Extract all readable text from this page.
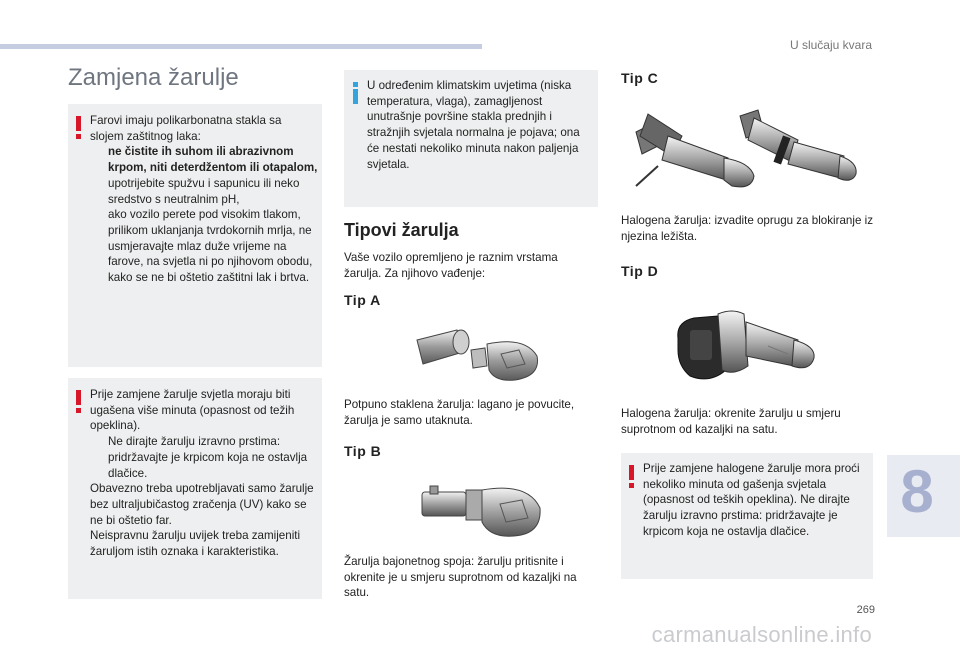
U slučaju kvara
Zamjena žarulje

Farovi imaju polikarbonatna stakla sa slojem zaštitnog laka:

ne čistite ih suhom ili abrazivnom krpom, niti deterdžentom ili otapalom,
upotrijebite spužvu i sapunicu ili neko sredstvo s neutralnim pH,
ako vozilo perete pod visokim tlakom, prilikom uklanjanja tvrdokornih mrlja, ne usmjeravajte mlaz duže vrijeme na farove, na svjetla ni po njihovom obodu, kako se ne bi oštetio zaštitni lak i brtva.

Prije zamjene žarulje svjetla moraju biti ugašena više minuta (opasnost od težih opeklina).

Ne dirajte žarulju izravno prstima: pridržavajte je krpicom koja ne ostavlja dlačice.

Obavezno treba upotrebljavati samo žarulje bez ultraljubičastog zračenja (UV) kako se ne bi oštetio far.

Neispravnu žarulju uvijek treba zamijeniti žaruljom istih oznaka i karakteristika.

U određenim klimatskim uvjetima (niska temperatura, vlaga), zamagljenost unutrašnje površine stakla prednjih i stražnjih svjetala normalna je pojava; ona će nestati nekoliko minuta nakon paljenja svjetala.

Tipovi žarulja
Vaše vozilo opremljeno je raznim vrstama žarulja. Za njihovo vađenje:
Tip A
Potpuno staklena žarulja: lagano je povucite, žarulja je samo utaknuta.
Tip B
Žarulja bajonetnog spoja: žarulju pritisnite i okrenite je u smjeru suprotnom od kazaljki na satu.
Tip C
Halogena žarulja: izvadite oprugu za blokiranje iz njezina ležišta.
Tip D
Halogena žarulja: okrenite žarulju u smjeru suprotnom od kazaljki na satu.

Prije zamjene halogene žarulje mora proći nekoliko minuta od gašenja svjetala (opasnost od teških opeklina). Ne dirajte žarulju izravno prstima: pridržavajte je krpicom koja ne ostavlja dlačice.

8
269
carmanualsonline.info
